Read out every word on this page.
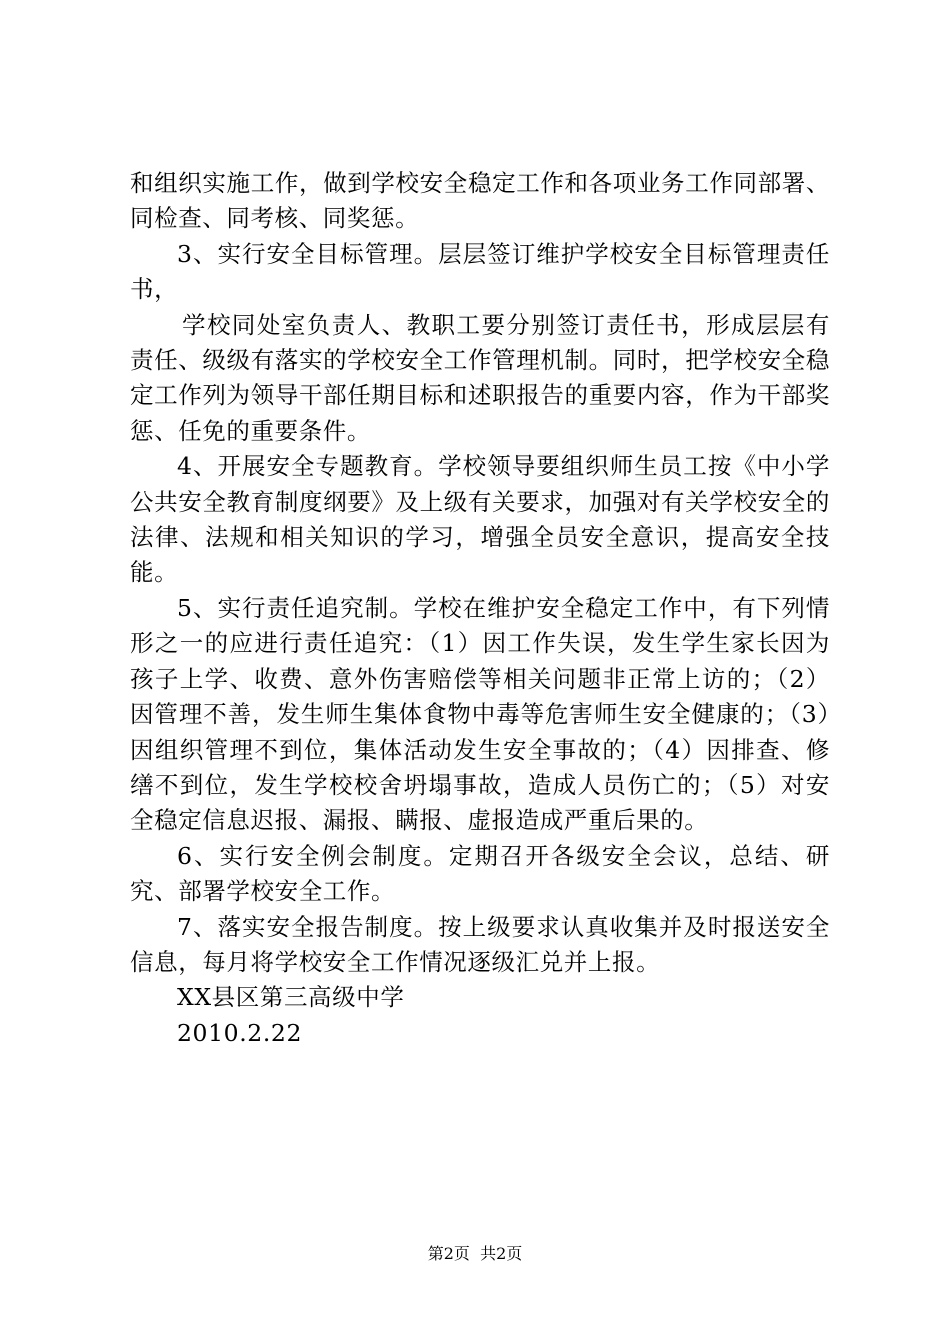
和组织实施工作，做到学校安全稳定工作和各项业务工作同部署、同检查、同考核、同奖惩。

3、实行安全目标管理。层层签订维护学校安全目标管理责任书，

学校同处室负责人、教职工要分别签订责任书，形成层层有责任、级级有落实的学校安全工作管理机制。同时，把学校安全稳定工作列为领导干部任期目标和述职报告的重要内容，作为干部奖惩、任免的重要条件。

4、开展安全专题教育。学校领导要组织师生员工按《中小学公共安全教育制度纲要》及上级有关要求，加强对有关学校安全的法律、法规和相关知识的学习，增强全员安全意识，提高安全技能。

5、实行责任追究制。学校在维护安全稳定工作中，有下列情形之一的应进行责任追究：（1）因工作失误，发生学生家长因为孩子上学、收费、意外伤害赔偿等相关问题非正常上访的；（2）因管理不善，发生师生集体食物中毒等危害师生安全健康的；（3）因组织管理不到位，集体活动发生安全事故的；（4）因排查、修缮不到位，发生学校校舍坍塌事故，造成人员伤亡的；（5）对安全稳定信息迟报、漏报、瞒报、虚报造成严重后果的。

6、实行安全例会制度。定期召开各级安全会议，总结、研究、部署学校安全工作。

7、落实安全报告制度。按上级要求认真收集并及时报送安全信息，每月将学校安全工作情况逐级汇兑并上报。

XX县区第三高级中学

2010.2.22

第2页  共2页
